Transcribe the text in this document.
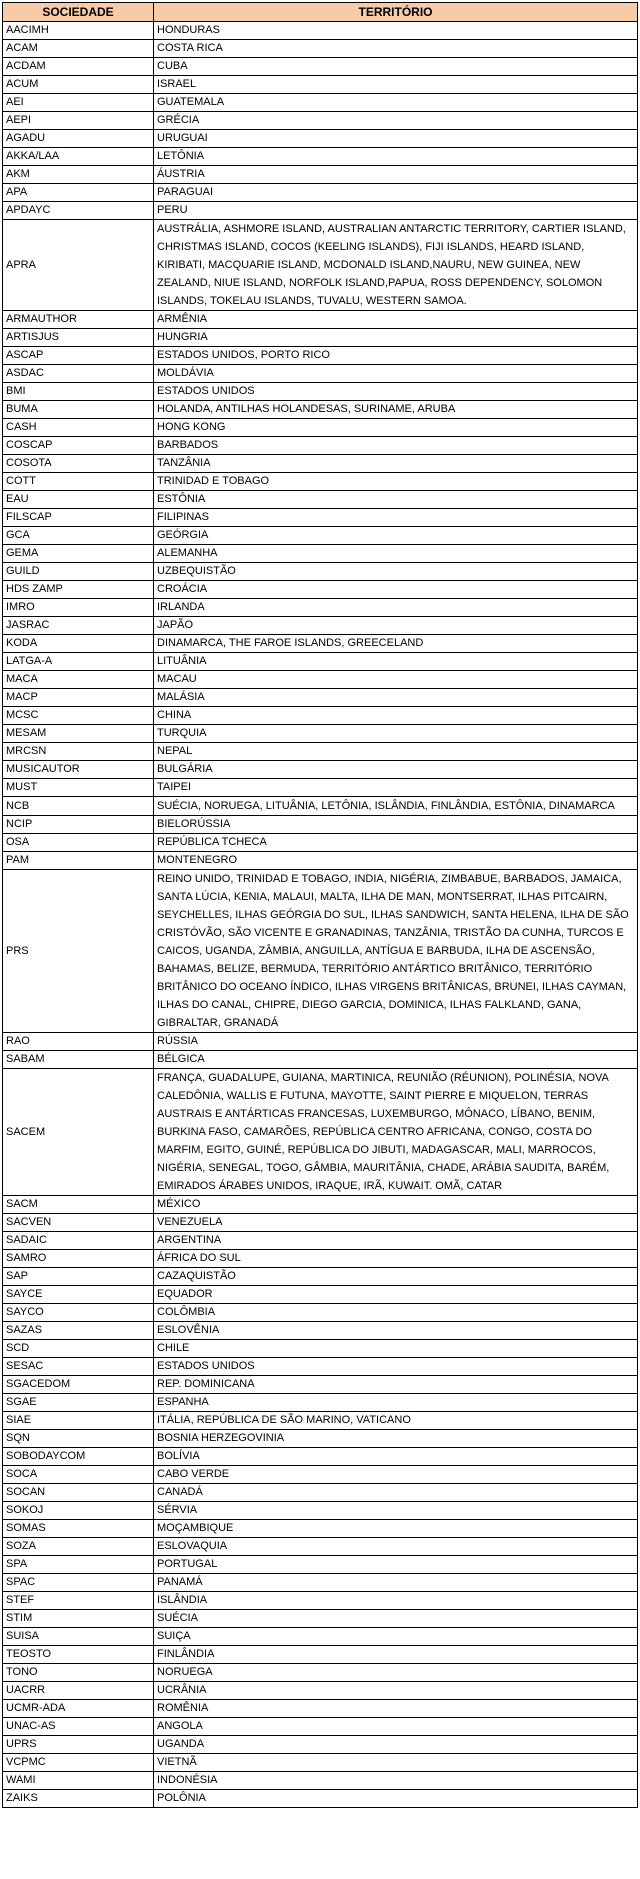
SOCIEDADE	TERRITÓRIO
AACIMH	HONDURAS
ACAM	COSTA RICA
ACDAM	CUBA
ACUM	ISRAEL
AEI	GUATEMALA
AEPI	GRÉCIA
AGADU	URUGUAI
AKKA/LAA	LETÔNIA
AKM	ÁUSTRIA
APA	PARAGUAI
APDAYC	PERU
APRA	AUSTRÁLIA, ASHMORE ISLAND, AUSTRALIAN ANTARCTIC TERRITORY, CARTIER ISLAND, CHRISTMAS ISLAND, COCOS (KEELING ISLANDS), FIJI ISLANDS, HEARD ISLAND, KIRIBATI, MACQUARIE ISLAND, MCDONALD ISLAND,NAURU, NEW GUINEA, NEW ZEALAND, NIUE ISLAND, NORFOLK ISLAND,PAPUA, ROSS DEPENDENCY, SOLOMON ISLANDS, TOKELAU ISLANDS, TUVALU, WESTERN SAMOA.
ARMAUTHOR	ARMÊNIA
ARTISJUS	HUNGRIA
ASCAP	ESTADOS UNIDOS, PORTO RICO
ASDAC	MOLDÁVIA
BMI	ESTADOS UNIDOS
BUMA	HOLANDA, ANTILHAS HOLANDESAS, SURINAME, ARUBA
CASH	HONG KONG
COSCAP	BARBADOS
COSOTA	TANZÂNIA
COTT	TRINIDAD E TOBAGO
EAU	ESTÔNIA
FILSCAP	FILIPINAS
GCA	GEÓRGIA
GEMA	ALEMANHA
GUILD	UZBEQUISTÃO
HDS ZAMP	CROÁCIA
IMRO	IRLANDA
JASRAC	JAPÃO
KODA	DINAMARCA, THE FAROE ISLANDS, GREECELAND
LATGA-A	LITUÂNIA
MACA	MACAU
MACP	MALÁSIA
MCSC	CHINA
MESAM	TURQUIA
MRCSN	NEPAL
MUSICAUTOR	BULGÁRIA
MUST	TAIPEI
NCB	SUÉCIA, NORUEGA, LITUÂNIA, LETÔNIA, ISLÂNDIA, FINLÂNDIA, ESTÔNIA, DINAMARCA
NCIP	BIELORÚSSIA
OSA	REPÚBLICA TCHECA
PAM	MONTENEGRO
PRS	REINO UNIDO, TRINIDAD E TOBAGO, INDIA, NIGÉRIA, ZIMBABUE, BARBADOS, JAMAICA, SANTA LÚCIA, KENIA, MALAUI, MALTA, ILHA DE MAN, MONTSERRAT, ILHAS PITCAIRN, SEYCHELLES, ILHAS GEÓRGIA DO SUL, ILHAS SANDWICH, SANTA HELENA, ILHA DE SÃO CRISTÓVÃO, SÃO VICENTE E GRANADINAS, TANZÂNIA, TRISTÃO DA CUNHA, TURCOS E CAICOS, UGANDA, ZÂMBIA, ANGUILLA, ANTÍGUA E BARBUDA, ILHA DE ASCENSÃO, BAHAMAS, BELIZE, BERMUDA, TERRITÓRIO ANTÁRTICO BRITÂNICO, TERRITÓRIO BRITÂNICO DO OCEANO ÍNDICO, ILHAS VIRGENS BRITÂNICAS, BRUNEI, ILHAS CAYMAN, ILHAS DO CANAL, CHIPRE, DIEGO GARCIA, DOMINICA, ILHAS FALKLAND, GANA, GIBRALTAR, GRANADÁ
RAO	RÚSSIA
SABAM	BÉLGICA
SACEM	FRANÇA, GUADALUPE, GUIANA, MARTINICA, REUNIÃO (RÉUNION), POLINÉSIA, NOVA CALEDÔNIA, WALLIS E FUTUNA, MAYOTTE, SAINT PIERRE E MIQUELON, TERRAS AUSTRAIS E ANTÁRTICAS FRANCESAS, LUXEMBURGO, MÔNACO, LÍBANO, BENIM, BURKINA FASO, CAMARÕES, REPÚBLICA CENTRO AFRICANA, CONGO, COSTA DO MARFIM, EGITO, GUINÉ, REPÚBLICA DO JIBUTI, MADAGASCAR, MALI, MARROCOS, NIGÉRIA, SENEGAL, TOGO, GÂMBIA, MAURITÂNIA, CHADE, ARÁBIA SAUDITA, BARÉM, EMIRADOS ÁRABES UNIDOS, IRAQUE, IRÃ, KUWAIT. OMÃ, CATAR
SACM	MÉXICO
SACVEN	VENEZUELA
SADAIC	ARGENTINA
SAMRO	ÁFRICA DO SUL
SAP	CAZAQUISTÃO
SAYCE	EQUADOR
SAYCO	COLÔMBIA
SAZAS	ESLOVÊNIA
SCD	CHILE
SESAC	ESTADOS UNIDOS
SGACEDOM	REP. DOMINICANA
SGAE	ESPANHA
SIAE	ITÁLIA, REPÚBLICA DE SÃO MARINO, VATICANO
SQN	BOSNIA HERZEGOVINIA
SOBODAYCOM	BOLÍVIA
SOCA	CABO VERDE
SOCAN	CANADÁ
SOKOJ	SÉRVIA
SOMAS	MOÇAMBIQUE
SOZA	ESLOVAQUIA
SPA	PORTUGAL
SPAC	PANAMÁ
STEF	ISLÂNDIA
STIM	SUÉCIA
SUISA	SUIÇA
TEOSTO	FINLÂNDIA
TONO	NORUEGA
UACRR	UCRÂNIA
UCMR-ADA	ROMÊNIA
UNAC-AS	ANGOLA
UPRS	UGANDA
VCPMC	VIETNÃ
WAMI	INDONÉSIA
ZAIKS	POLÔNIA
